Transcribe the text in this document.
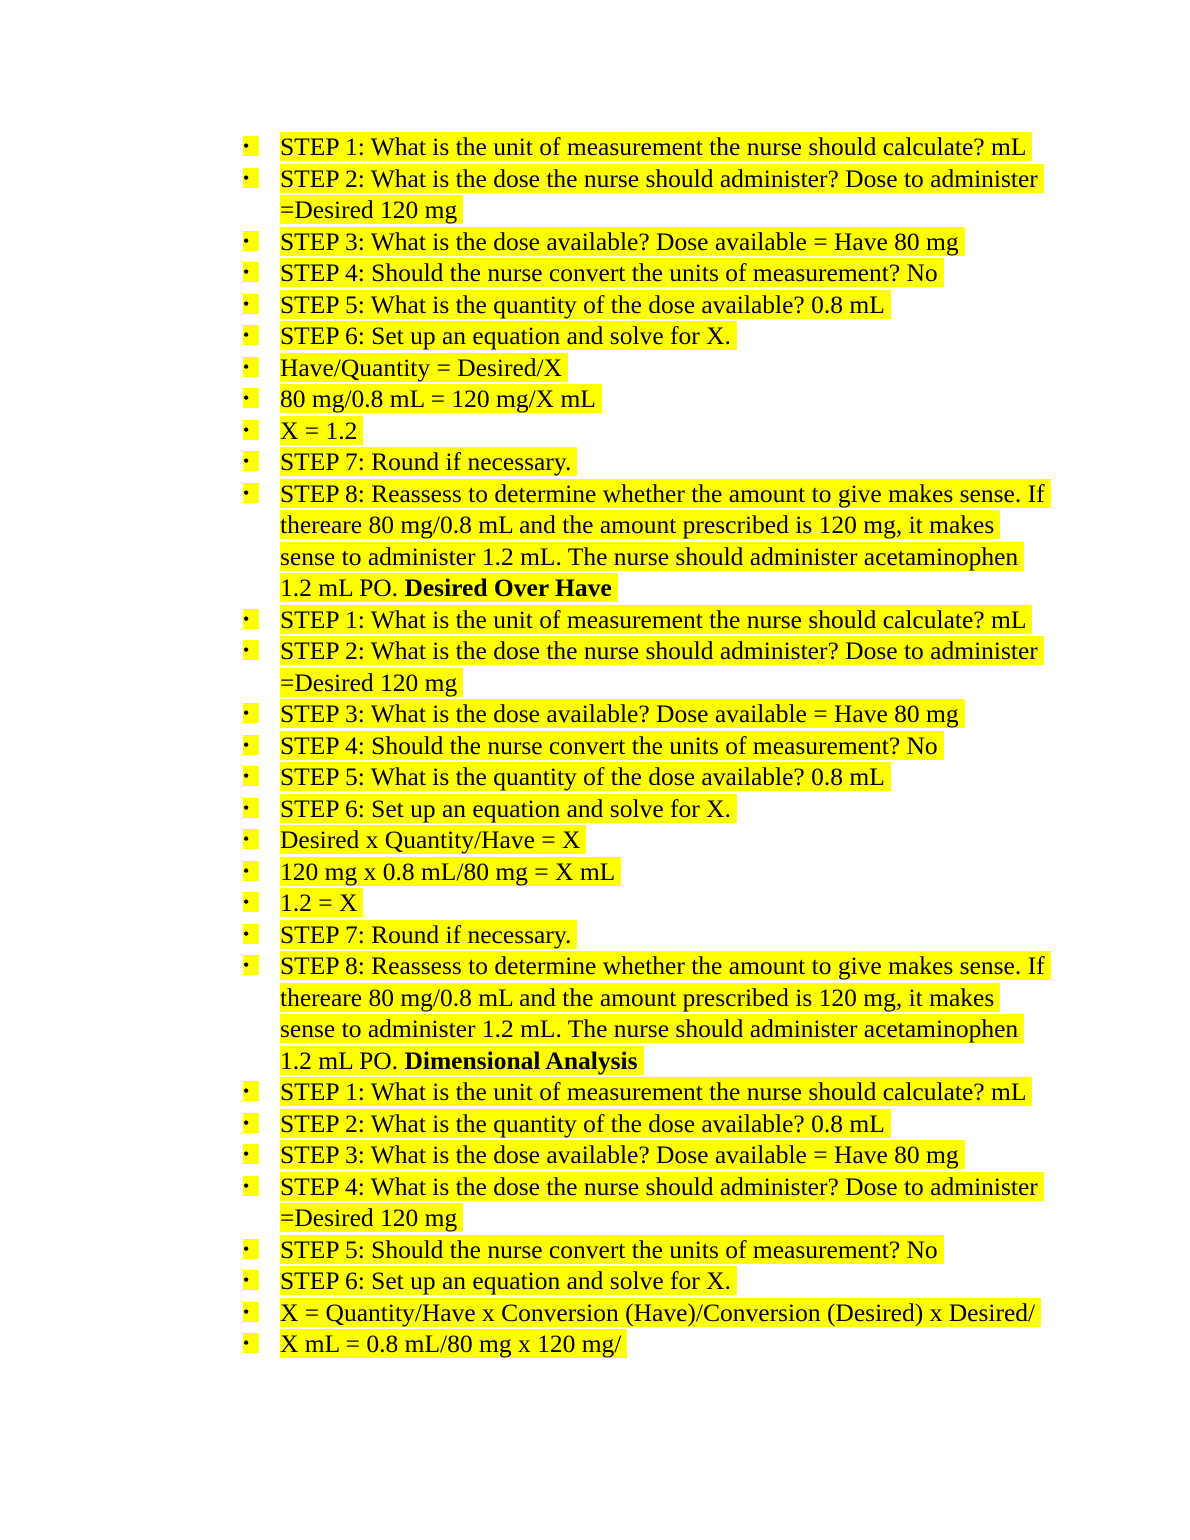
•	STEP 1: What is the unit of measurement the nurse should calculate? mL
•	STEP 2: What is the dose the nurse should administer? Dose to administer =Desired 120 mg
•	STEP 3: What is the dose available? Dose available = Have 80 mg
•	STEP 4: Should the nurse convert the units of measurement? No
•	STEP 5: What is the quantity of the dose available? 0.8 mL
•	STEP 6: Set up an equation and solve for X.
•	Have/Quantity = Desired/X
•	80 mg/0.8 mL = 120 mg/X mL
•	X = 1.2
•	STEP 7: Round if necessary.
•	STEP 8: Reassess to determine whether the amount to give makes sense. If thereare 80 mg/0.8 mL and the amount prescribed is 120 mg, it makes sense to administer 1.2 mL. The nurse should administer acetaminophen 1.2 mL PO. Desired Over Have
•	STEP 1: What is the unit of measurement the nurse should calculate? mL
•	STEP 2: What is the dose the nurse should administer? Dose to administer =Desired 120 mg
•	STEP 3: What is the dose available? Dose available = Have 80 mg
•	STEP 4: Should the nurse convert the units of measurement? No
•	STEP 5: What is the quantity of the dose available? 0.8 mL
•	STEP 6: Set up an equation and solve for X.
•	Desired x Quantity/Have = X
•	120 mg x 0.8 mL/80 mg = X mL
•	1.2 = X
•	STEP 7: Round if necessary.
•	STEP 8: Reassess to determine whether the amount to give makes sense. If thereare 80 mg/0.8 mL and the amount prescribed is 120 mg, it makes sense to administer 1.2 mL. The nurse should administer acetaminophen 1.2 mL PO. Dimensional Analysis
•	STEP 1: What is the unit of measurement the nurse should calculate? mL
•	STEP 2: What is the quantity of the dose available? 0.8 mL
•	STEP 3: What is the dose available? Dose available = Have 80 mg
•	STEP 4: What is the dose the nurse should administer? Dose to administer =Desired 120 mg
•	STEP 5: Should the nurse convert the units of measurement? No
•	STEP 6: Set up an equation and solve for X.
•	X = Quantity/Have x Conversion (Have)/Conversion (Desired) x Desired/
•	X mL = 0.8 mL/80 mg x 120 mg/
